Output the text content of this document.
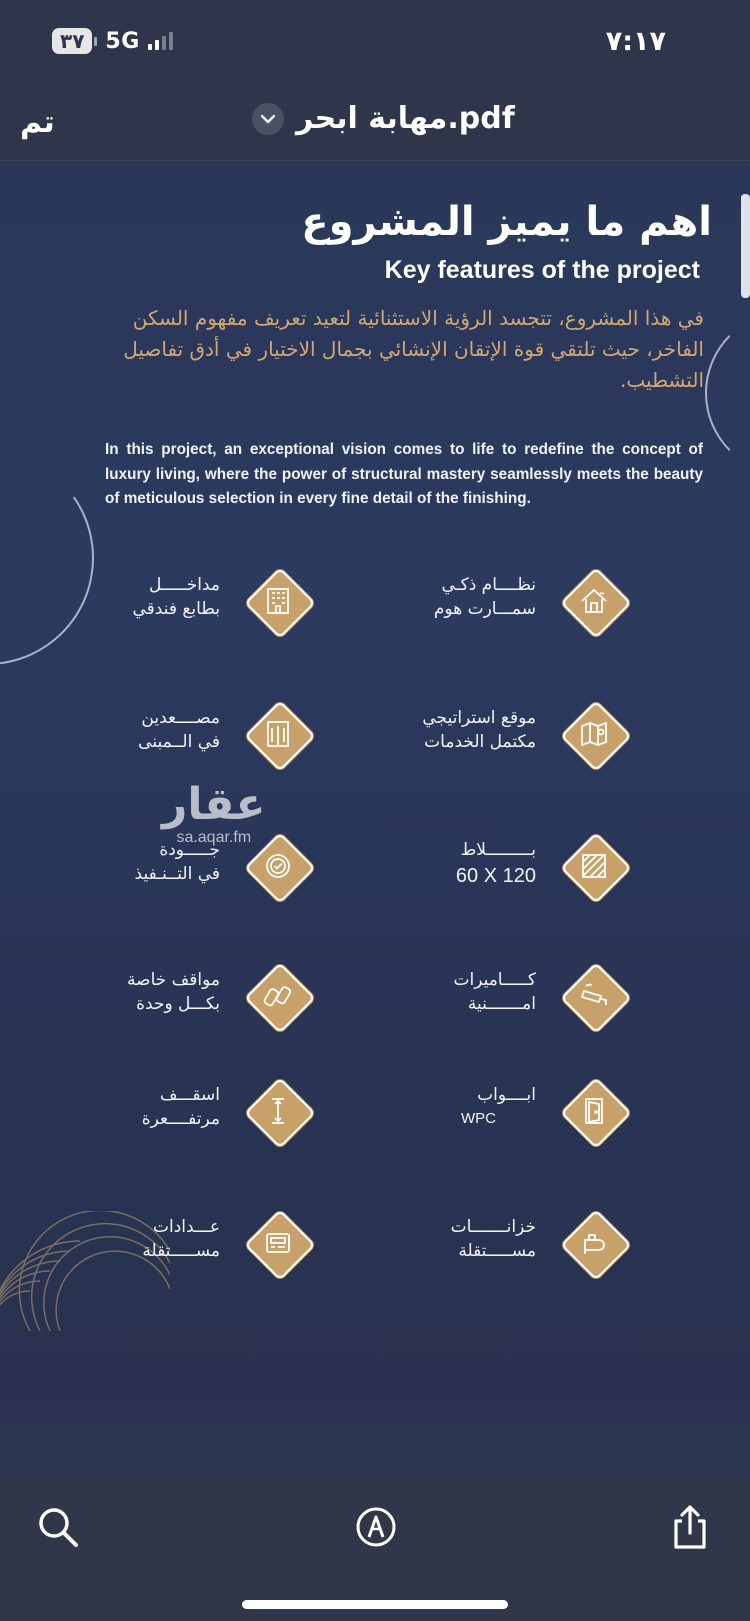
٣٧ 5G	٧:١٧
تم	مهابة ابحر.pdf
اهم ما يميز المشروع
Key features of the project
في هذا المشروع، تتجسد الرؤية الاستثنائية لتعيد تعريف مفهوم السكن الفاخر، حيث تلتقي قوة الإتقان الإنشائي بجمال الاختيار في أدق تفاصيل التشطيب.
In this project, an exceptional vision comes to life to redefine the concept of luxury living, where the power of structural mastery seamlessly meets the beauty of meticulous selection in every fine detail of the finishing.
عقار
sa.aqar.fm
نظــــام ذكـي
سمـــارت هوم
مداخـــــل
بطابع فندقي
موقع استراتيجي
مكتمل الخدمات
مصــــعدين
في الــمبنى
بـــــــــلاط
60 X 120
جـــــودة
في التــنـفيذ
كـــــاميرات
امـــــــنية
مواقف خاصة
بكـــل وحدة
ابــــواب
WPC
اسقـــف
مرتفــــعرة
خزانـــــــات
مســـــتقلة
عـــدادات
مســـــتقلة
